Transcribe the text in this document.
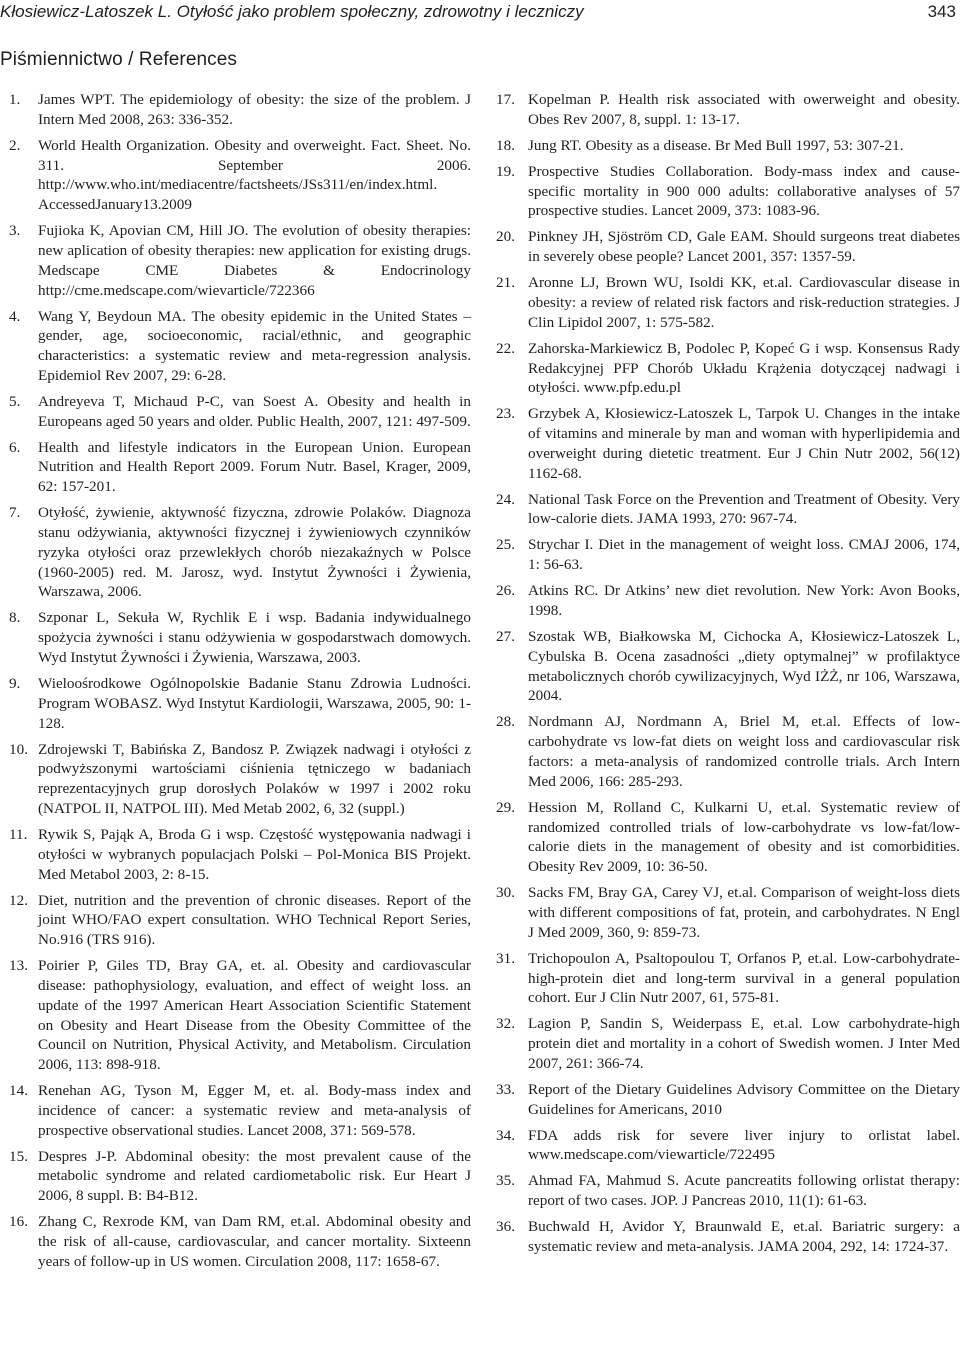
Kłosiewicz-Latoszek L. Otyłość jako problem społeczny, zdrowotny i leczniczy	343
Piśmiennictwo / References
1. James WPT. The epidemiology of obesity: the size of the problem. J Intern Med 2008, 263: 336-352.
2. World Health Organization. Obesity and overweight. Fact. Sheet. No. 311. September 2006. http://www.who.int/mediacentre/factsheets/JSs311/en/index.html. AccessedJanuary13.2009
3. Fujioka K, Apovian CM, Hill JO. The evolution of obesity therapies: new aplication of obesity therapies: new application for existing drugs. Medscape CME Diabetes & Endocrinology http://cme.medscape.com/wievarticle/722366
4. Wang Y, Beydoun MA. The obesity epidemic in the United States – gender, age, socioeconomic, racial/ethnic, and geographic characteristics: a systematic review and meta-regression analysis. Epidemiol Rev 2007, 29: 6-28.
5. Andreyeva T, Michaud P-C, van Soest A. Obesity and health in Europeans aged 50 years and older. Public Health, 2007, 121: 497-509.
6. Health and lifestyle indicators in the European Union. European Nutrition and Health Report 2009. Forum Nutr. Basel, Krager, 2009, 62: 157-201.
7. Otyłość, żywienie, aktywność fizyczna, zdrowie Polaków. Diagnoza stanu odżywiania, aktywności fizycznej i żywieniowych czynników ryzyka otyłości oraz przewlekłych chorób niezakaźnych w Polsce (1960-2005) red. M. Jarosz, wyd. Instytut Żywności i Żywienia, Warszawa, 2006.
8. Szponar L, Sekuła W, Rychlik E i wsp. Badania indywidualnego spożycia żywności i stanu odżywienia w gospodarstwach domowych. Wyd Instytut Żywności i Żywienia, Warszawa, 2003.
9. Wieloośrodkowe Ogólnopolskie Badanie Stanu Zdrowia Ludności. Program WOBASZ. Wyd Instytut Kardiologii, Warszawa, 2005, 90: 1-128.
10. Zdrojewski T, Babińska Z, Bandosz P. Związek nadwagi i otyłości z podwyższonymi wartościami ciśnienia tętniczego w badaniach reprezentacyjnych grup dorosłych Polaków w 1997 i 2002 roku (NATPOL II, NATPOL III). Med Metab 2002, 6, 32 (suppl.)
11. Rywik S, Pająk A, Broda G i wsp. Częstość występowania nadwagi i otyłości w wybranych populacjach Polski – Pol-Monica BIS Projekt. Med Metabol 2003, 2: 8-15.
12. Diet, nutrition and the prevention of chronic diseases. Report of the joint WHO/FAO expert consultation. WHO Technical Report Series, No.916 (TRS 916).
13. Poirier P, Giles TD, Bray GA, et. al. Obesity and cardiovascular disease: pathophysiology, evaluation, and effect of weight loss. an update of the 1997 American Heart Association Scientific Statement on Obesity and Heart Disease from the Obesity Committee of the Council on Nutrition, Physical Activity, and Metabolism. Circulation 2006, 113: 898-918.
14. Renehan AG, Tyson M, Egger M, et. al. Body-mass index and incidence of cancer: a systematic review and meta-analysis of prospective observational studies. Lancet 2008, 371: 569-578.
15. Despres J-P. Abdominal obesity: the most prevalent cause of the metabolic syndrome and related cardiometabolic risk. Eur Heart J 2006, 8 suppl. B: B4-B12.
16. Zhang C, Rexrode KM, van Dam RM, et.al. Abdominal obesity and the risk of all-cause, cardiovascular, and cancer mortality. Sixteenn years of follow-up in US women. Circulation 2008, 117: 1658-67.
17. Kopelman P. Health risk associated with owerweight and obesity. Obes Rev 2007, 8, suppl. 1: 13-17.
18. Jung RT. Obesity as a disease. Br Med Bull 1997, 53: 307-21.
19. Prospective Studies Collaboration. Body-mass index and cause-specific mortality in 900 000 adults: collaborative analyses of 57 prospective studies. Lancet 2009, 373: 1083-96.
20. Pinkney JH, Sjöström CD, Gale EAM. Should surgeons treat diabetes in severely obese people? Lancet 2001, 357: 1357-59.
21. Aronne LJ, Brown WU, Isoldi KK, et.al. Cardiovascular disease in obesity: a review of related risk factors and risk-reduction strategies. J Clin Lipidol 2007, 1: 575-582.
22. Zahorska-Markiewicz B, Podolec P, Kopeć G i wsp. Konsensus Rady Redakcyjnej PFP Chorób Układu Krążenia dotyczącej nadwagi i otyłości. www.pfp.edu.pl
23. Grzybek A, Kłosiewicz-Latoszek L, Tarpok U. Changes in the intake of vitamins and minerale by man and woman with hyperlipidemia and overweight during dietetic treatment. Eur J Chin Nutr 2002, 56(12) 1162-68.
24. National Task Force on the Prevention and Treatment of Obesity. Very low-calorie diets. JAMA 1993, 270: 967-74.
25. Strychar I. Diet in the management of weight loss. CMAJ 2006, 174, 1: 56-63.
26. Atkins RC. Dr Atkins’ new diet revolution. New York: Avon Books, 1998.
27. Szostak WB, Białkowska M, Cichocka A, Kłosiewicz-Latoszek L, Cybulska B. Ocena zasadności „diety optymalnej” w profilaktyce metabolicznych chorób cywilizacyjnych, Wyd IŻŻ, nr 106, Warszawa, 2004.
28. Nordmann AJ, Nordmann A, Briel M, et.al. Effects of low-carbohydrate vs low-fat diets on weight loss and cardiovascular risk factors: a meta-analysis of randomized controlle trials. Arch Intern Med 2006, 166: 285-293.
29. Hession M, Rolland C, Kulkarni U, et.al. Systematic review of randomized controlled trials of low-carbohydrate vs low-fat/low-calorie diets in the management of obesity and ist comorbidities. Obesity Rev 2009, 10: 36-50.
30. Sacks FM, Bray GA, Carey VJ, et.al. Comparison of weight-loss diets with different compositions of fat, protein, and carbohydrates. N Engl J Med 2009, 360, 9: 859-73.
31. Trichopoulon A, Psaltopoulou T, Orfanos P, et.al. Low-carbohydrate-high-protein diet and long-term survival in a general population cohort. Eur J Clin Nutr 2007, 61, 575-81.
32. Lagion P, Sandin S, Weiderpass E, et.al. Low carbohydrate-high protein diet and mortality in a cohort of Swedish women. J Inter Med 2007, 261: 366-74.
33. Report of the Dietary Guidelines Advisory Committee on the Dietary Guidelines for Americans, 2010
34. FDA adds risk for severe liver injury to orlistat label. www.medscape.com/viewarticle/722495
35. Ahmad FA, Mahmud S. Acute pancreatits following orlistat therapy: report of two cases. JOP. J Pancreas 2010, 11(1): 61-63.
36. Buchwald H, Avidor Y, Braunwald E, et.al. Bariatric surgery: a systematic review and meta-analysis. JAMA 2004, 292, 14: 1724-37.
